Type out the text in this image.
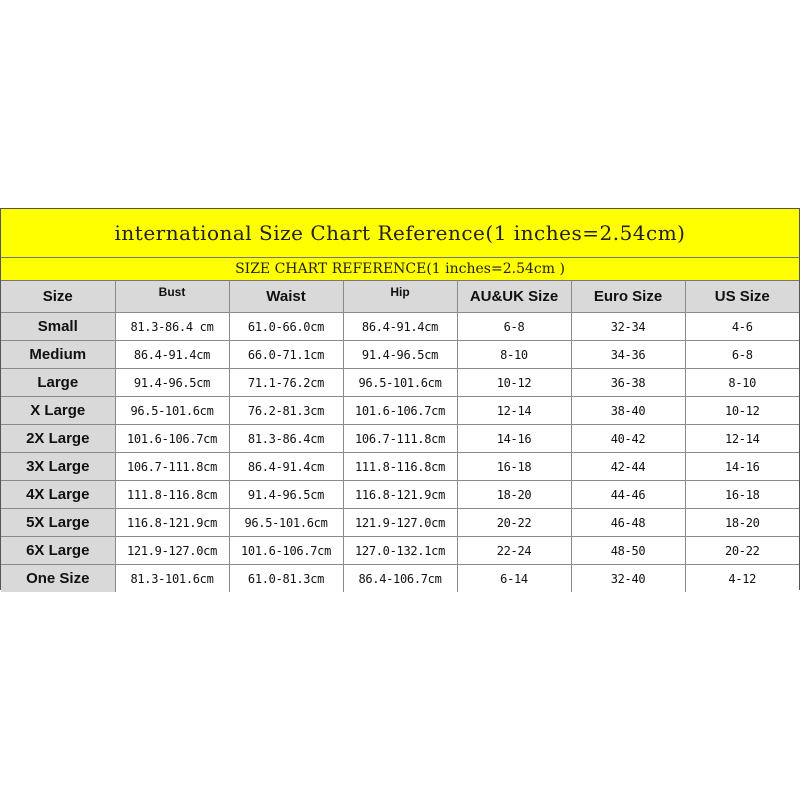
international Size Chart Reference(1 inches=2.54cm)
SIZE CHART REFERENCE(1 inches=2.54cm )
Size	Bust	Waist	Hip	AU&UK Size	Euro Size	US Size
Small	81.3-86.4 cm	61.0-66.0cm	86.4-91.4cm	6-8	32-34	4-6
Medium	86.4-91.4cm	66.0-71.1cm	91.4-96.5cm	8-10	34-36	6-8
Large	91.4-96.5cm	71.1-76.2cm	96.5-101.6cm	10-12	36-38	8-10
X Large	96.5-101.6cm	76.2-81.3cm	101.6-106.7cm	12-14	38-40	10-12
2X Large	101.6-106.7cm	81.3-86.4cm	106.7-111.8cm	14-16	40-42	12-14
3X Large	106.7-111.8cm	86.4-91.4cm	111.8-116.8cm	16-18	42-44	14-16
4X Large	111.8-116.8cm	91.4-96.5cm	116.8-121.9cm	18-20	44-46	16-18
5X Large	116.8-121.9cm	96.5-101.6cm	121.9-127.0cm	20-22	46-48	18-20
6X Large	121.9-127.0cm	101.6-106.7cm	127.0-132.1cm	22-24	48-50	20-22
One Size	81.3-101.6cm	61.0-81.3cm	86.4-106.7cm	6-14	32-40	4-12
